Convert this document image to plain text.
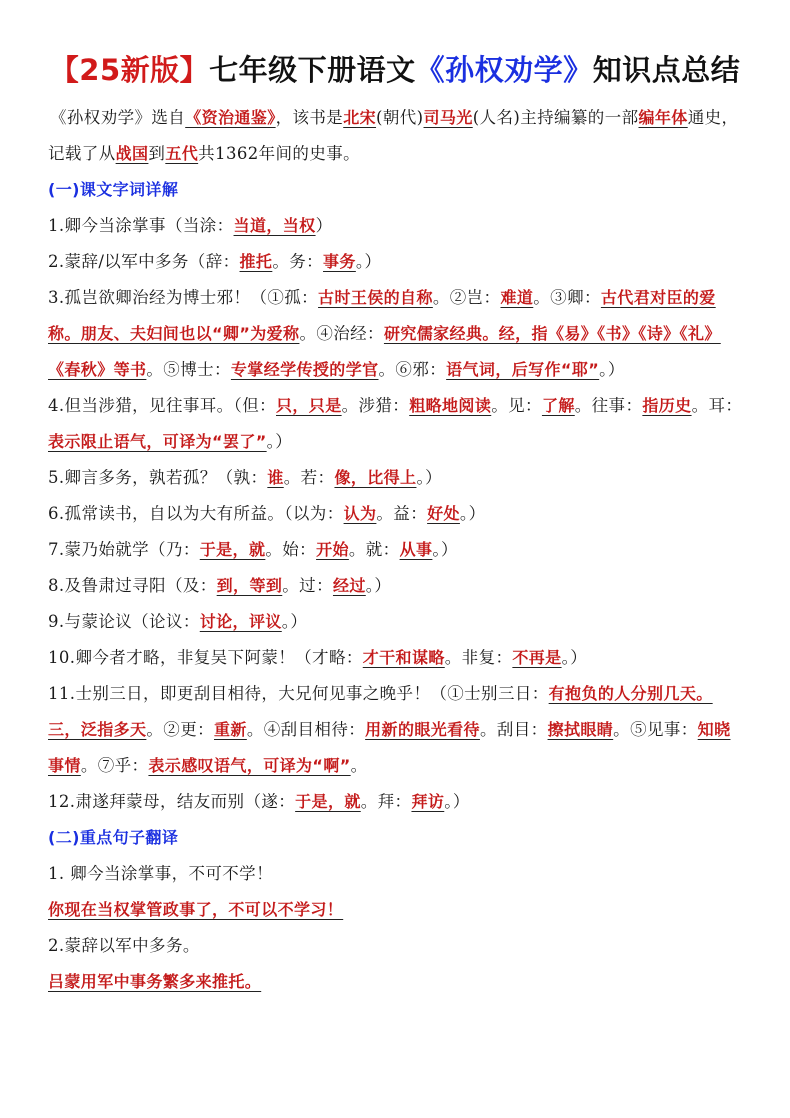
【25新版】七年级下册语文《孙权劝学》知识点总结

《孙权劝学》选自《资治通鉴》，该书是北宋(朝代)司马光(人名)主持编纂的一部编年体通史，记载了从战国到五代共1362年间的史事。

(一)课文字词详解

1.卿今当涂掌事（当涂：当道，当权）

2.蒙辞/以军中多务（辞：推托。务：事务。）

3.孤岂欲卿治经为博士邪！（①孤：古时王侯的自称。②岂：难道。③卿：古代君对臣的爱称。朋友、夫妇间也以“卿”为爱称。④治经：研究儒家经典。经，指《易》《书》《诗》《礼》《春秋》等书。⑤博士：专掌经学传授的学官。⑥邪：语气词，后写作“耶”。）

4.但当涉猎，见往事耳。（但：只，只是。涉猎：粗略地阅读。见：了解。往事：指历史。耳：表示限止语气，可译为“罢了”。）

5.卿言多务，孰若孤？（孰：谁。若：像，比得上。）

6.孤常读书，自以为大有所益。（以为：认为。益：好处。）

7.蒙乃始就学（乃：于是，就。始：开始。就：从事。）

8.及鲁肃过寻阳（及：到，等到。过：经过。）

9.与蒙论议（论议：讨论，评议。）

10.卿今者才略，非复吴下阿蒙！（才略：才干和谋略。非复：不再是。）

11.士别三日，即更刮目相待，大兄何见事之晚乎！（①士别三日：有抱负的人分别几天。三，泛指多天。②更：重新。④刮目相待：用新的眼光看待。刮目：擦拭眼睛。⑤见事：知晓事情。⑦乎：表示感叹语气，可译为“啊”。

12.肃遂拜蒙母，结友而别（遂：于是，就。拜：拜访。）

(二)重点句子翻译

1. 卿今当涂掌事，不可不学！

你现在当权掌管政事了，不可以不学习！

2.蒙辞以军中多务。

吕蒙用军中事务繁多来推托。
